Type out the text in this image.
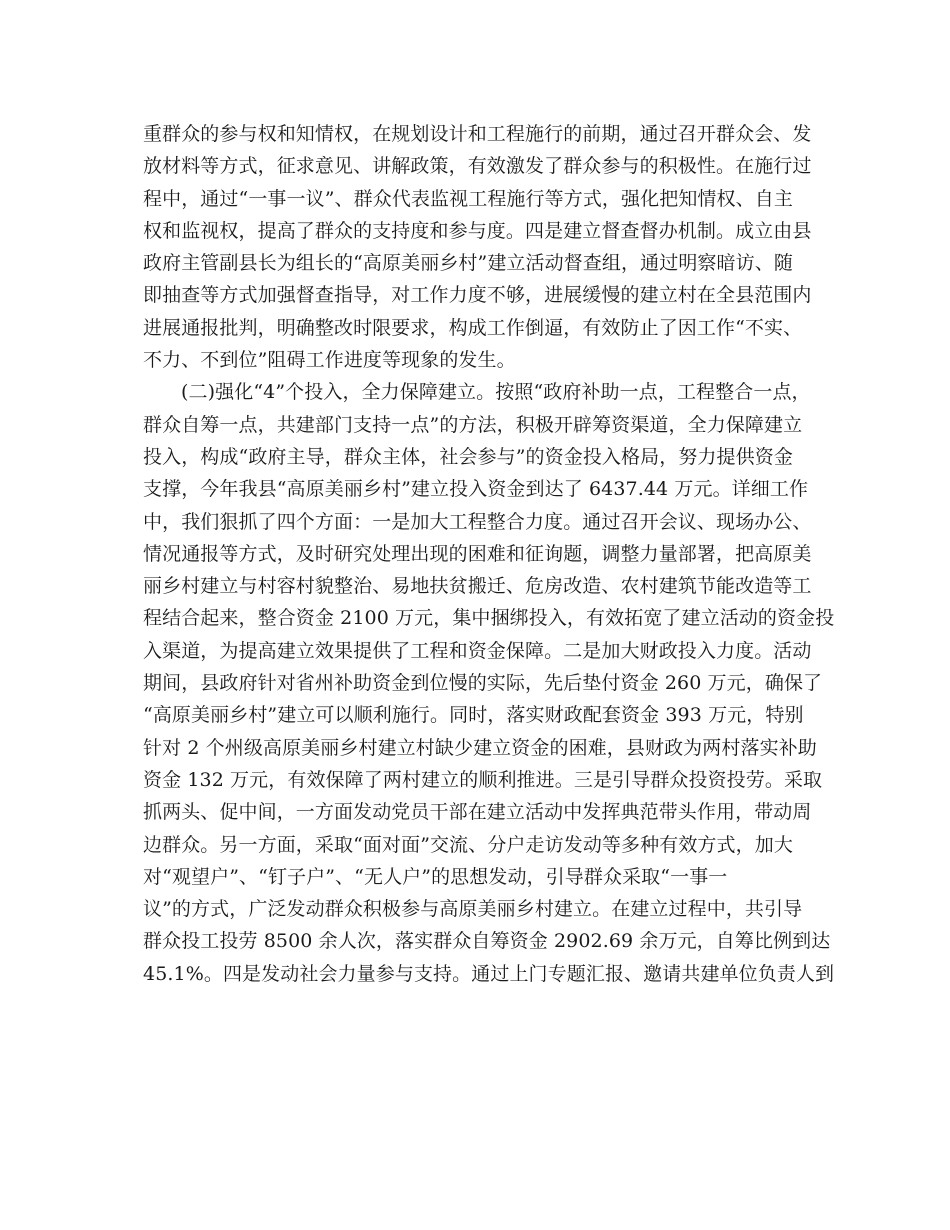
重群众的参与权和知情权，在规划设计和工程施行的前期，通过召开群众会、发
放材料等方式，征求意见、讲解政策，有效激发了群众参与的积极性。在施行过
程中，通过“一事一议”、群众代表监视工程施行等方式，强化把知情权、自主
权和监视权，提高了群众的支持度和参与度。四是建立督查督办机制。成立由县
政府主管副县长为组长的“高原美丽乡村”建立活动督查组，通过明察暗访、随
即抽查等方式加强督查指导，对工作力度不够，进展缓慢的建立村在全县范围内
进展通报批判，明确整改时限要求，构成工作倒逼，有效防止了因工作“不实、
不力、不到位”阻碍工作进度等现象的发生。
(二)强化“4”个投入，全力保障建立。按照“政府补助一点，工程整合一点，
群众自筹一点，共建部门支持一点”的方法，积极开辟筹资渠道，全力保障建立
投入，构成“政府主导，群众主体，社会参与”的资金投入格局，努力提供资金
支撑，今年我县“高原美丽乡村”建立投入资金到达了 6437.44 万元。详细工作
中，我们狠抓了四个方面：一是加大工程整合力度。通过召开会议、现场办公、
情况通报等方式，及时研究处理出现的困难和征询题，调整力量部署，把高原美
丽乡村建立与村容村貌整治、易地扶贫搬迁、危房改造、农村建筑节能改造等工
程结合起来，整合资金 2100 万元，集中捆绑投入，有效拓宽了建立活动的资金投
入渠道，为提高建立效果提供了工程和资金保障。二是加大财政投入力度。活动
期间，县政府针对省州补助资金到位慢的实际，先后垫付资金 260 万元，确保了
“高原美丽乡村”建立可以顺利施行。同时，落实财政配套资金 393 万元，特别
针对 2 个州级高原美丽乡村建立村缺少建立资金的困难，县财政为两村落实补助
资金 132 万元，有效保障了两村建立的顺利推进。三是引导群众投资投劳。采取
抓两头、促中间，一方面发动党员干部在建立活动中发挥典范带头作用，带动周
边群众。另一方面，采取“面对面”交流、分户走访发动等多种有效方式，加大
对“观望户”、“钉子户”、“无人户”的思想发动，引导群众采取“一事一
议”的方式，广泛发动群众积极参与高原美丽乡村建立。在建立过程中，共引导
群众投工投劳 8500 余人次，落实群众自筹资金 2902.69 余万元，自筹比例到达
45.1%。四是发动社会力量参与支持。通过上门专题汇报、邀请共建单位负责人到
